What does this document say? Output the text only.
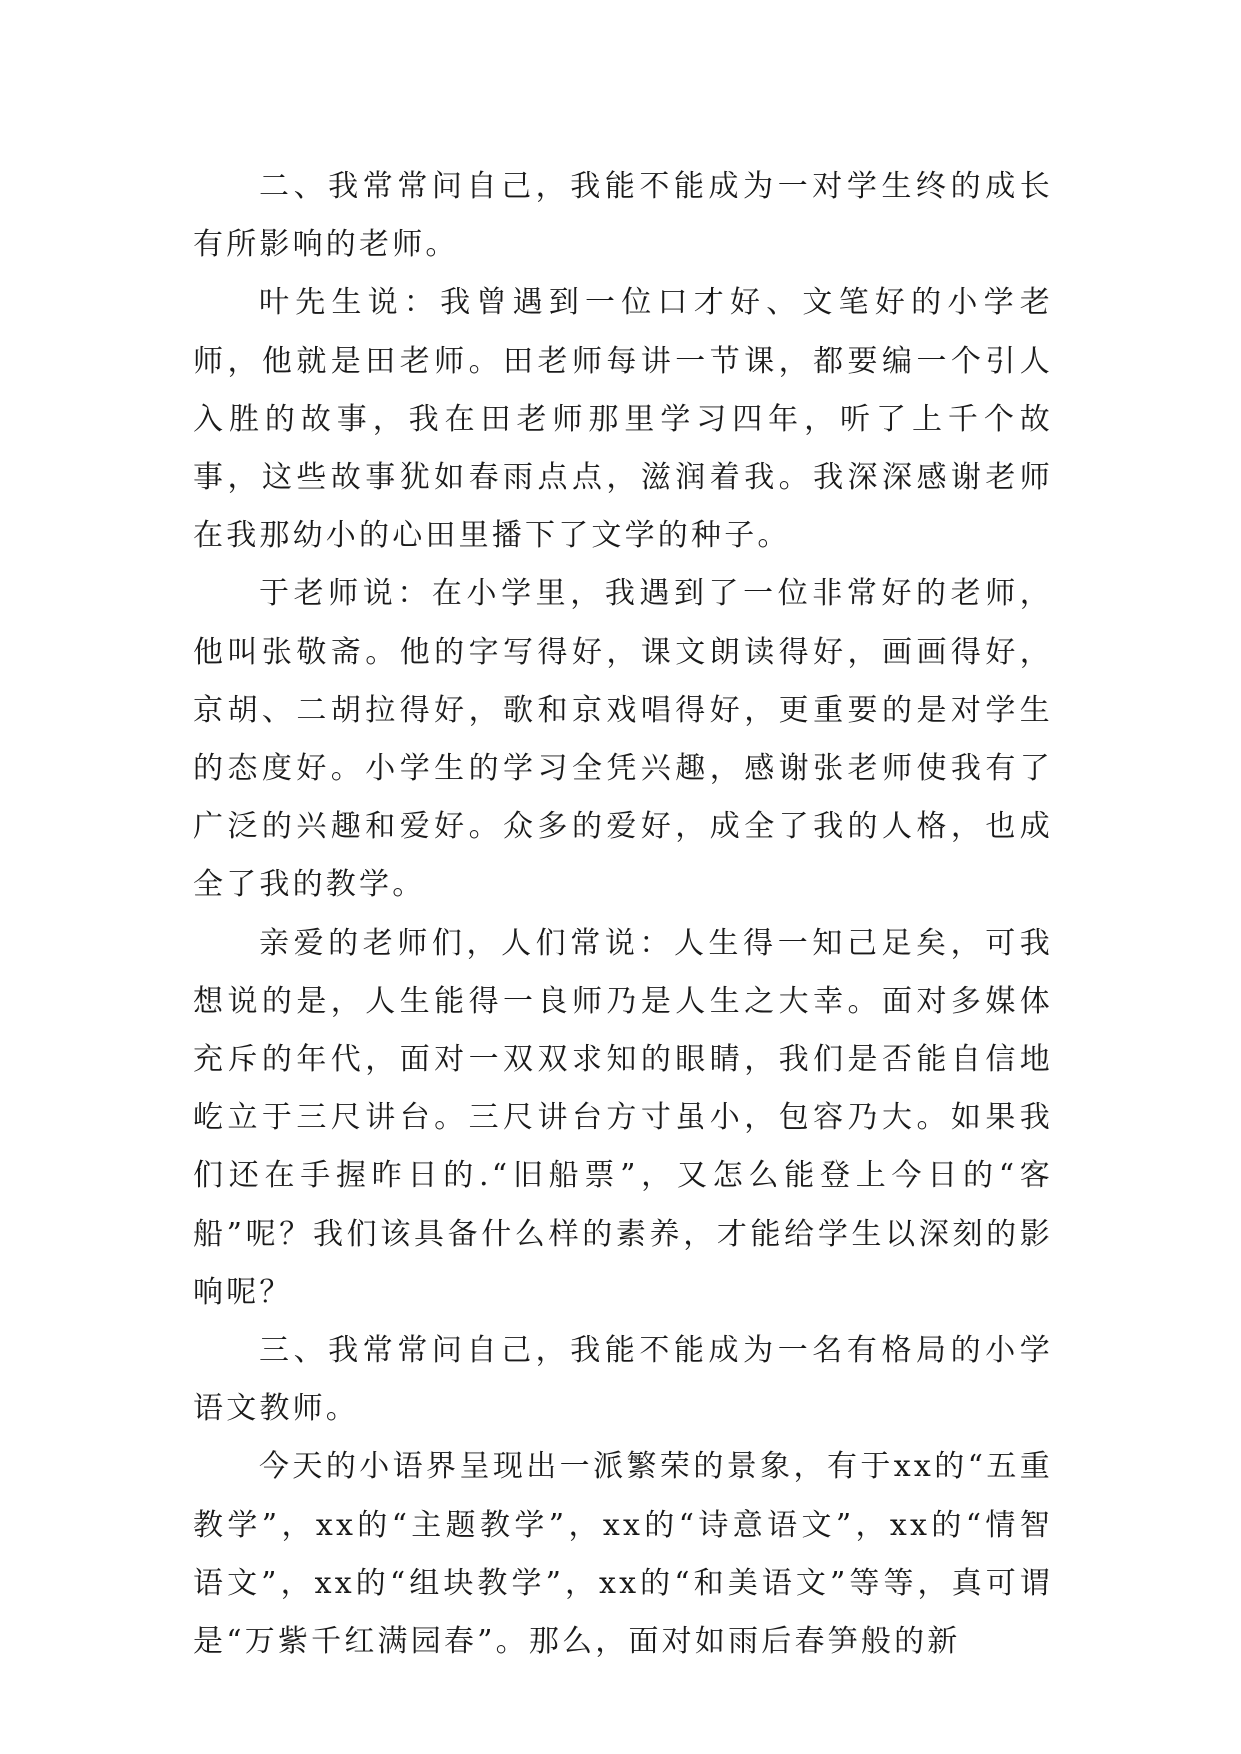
二、我常常问自己，我能不能成为一对学生终的成长有所影响的老师。

叶先生说：我曾遇到一位口才好、文笔好的小学老师，他就是田老师。田老师每讲一节课，都要编一个引人入胜的故事，我在田老师那里学习四年，听了上千个故事，这些故事犹如春雨点点，滋润着我。我深深感谢老师在我那幼小的心田里播下了文学的种子。

于老师说：在小学里，我遇到了一位非常好的老师，他叫张敬斋。他的字写得好，课文朗读得好，画画得好，京胡、二胡拉得好，歌和京戏唱得好，更重要的是对学生的态度好。小学生的学习全凭兴趣，感谢张老师使我有了广泛的兴趣和爱好。众多的爱好，成全了我的人格，也成全了我的教学。

亲爱的老师们，人们常说：人生得一知己足矣，可我想说的是，人生能得一良师乃是人生之大幸。面对多媒体充斥的年代，面对一双双求知的眼睛，我们是否能自信地屹立于三尺讲台。三尺讲台方寸虽小，包容乃大。如果我们还在手握昨日的.“旧船票”，又怎么能登上今日的“客船”呢？我们该具备什么样的素养，才能给学生以深刻的影响呢？

三、我常常问自己，我能不能成为一名有格局的小学语文教师。

今天的小语界呈现出一派繁荣的景象，有于xx的“五重教学”，xx的“主题教学”，xx的“诗意语文”，xx的“情智语文”，xx的“组块教学”，xx的“和美语文”等等，真可谓是“万紫千红满园春”。那么，面对如雨后春笋般的新
